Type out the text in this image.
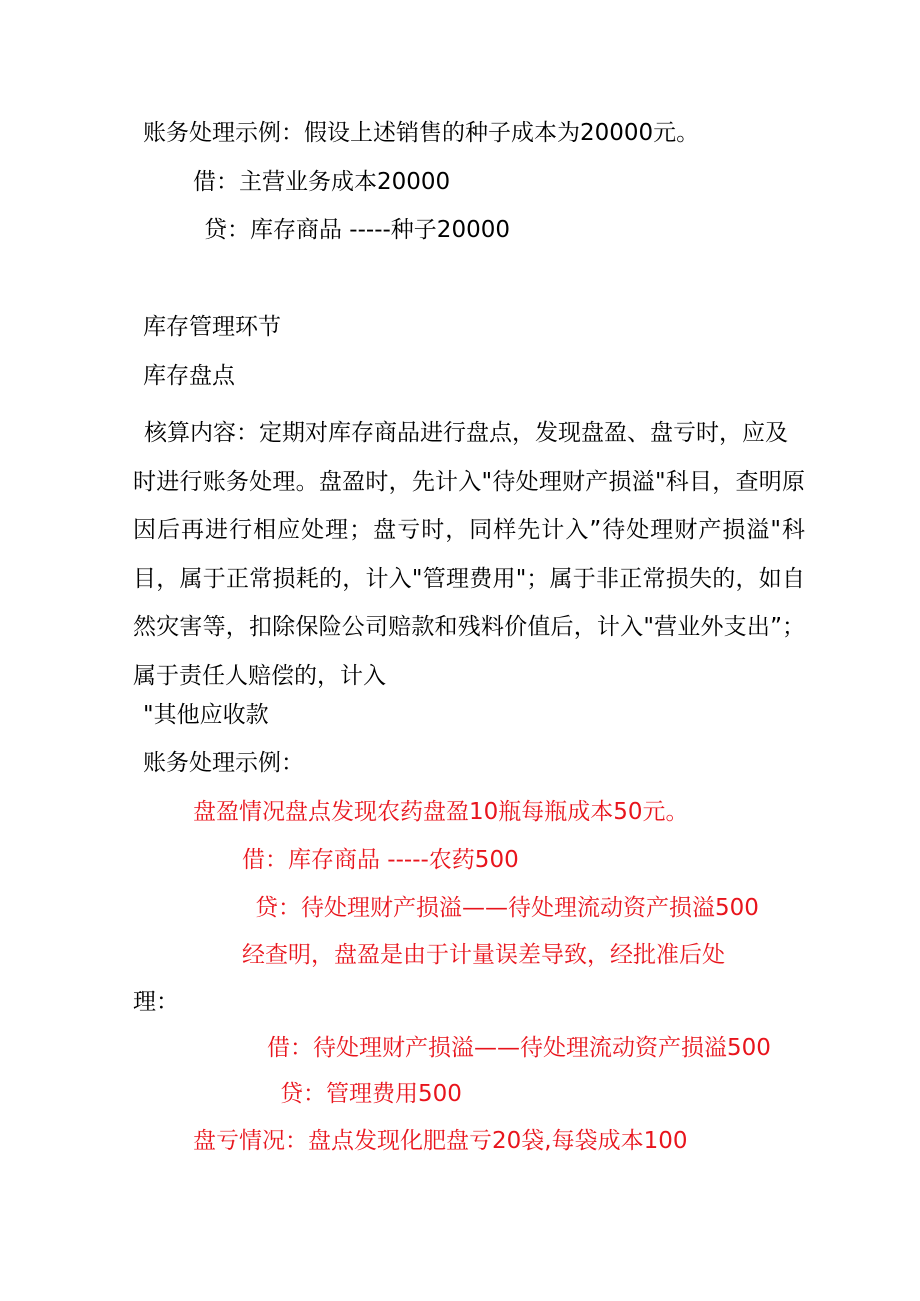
账务处理示例：假设上述销售的种子成本为20000元。
借：主营业务成本20000
贷：库存商品 -----种子20000
库存管理环节
库存盘点
核算内容：定期对库存商品进行盘点，发现盘盈、盘亏时，应及
时进行账务处理。盘盈时，先计入"待处理财产损溢"科目，查明原
因后再进行相应处理；盘亏时，同样先计入”待处理财产损溢"科
目，属于正常损耗的，计入"管理费用"；属于非正常损失的，如自
然灾害等，扣除保险公司赔款和残料价值后，计入"营业外支出”；
属于责任人赔偿的，计入
"其他应收款
账务处理示例：
盘盈情况盘点发现农药盘盈10瓶每瓶成本50元。
借：库存商品 -----农药500
贷：待处理财产损溢——待处理流动资产损溢500
经查明，盘盈是由于计量误差导致，经批准后处
理：
借：待处理财产损溢——待处理流动资产损溢500
贷：管理费用500
盘亏情况：盘点发现化肥盘亏20袋,每袋成本100
